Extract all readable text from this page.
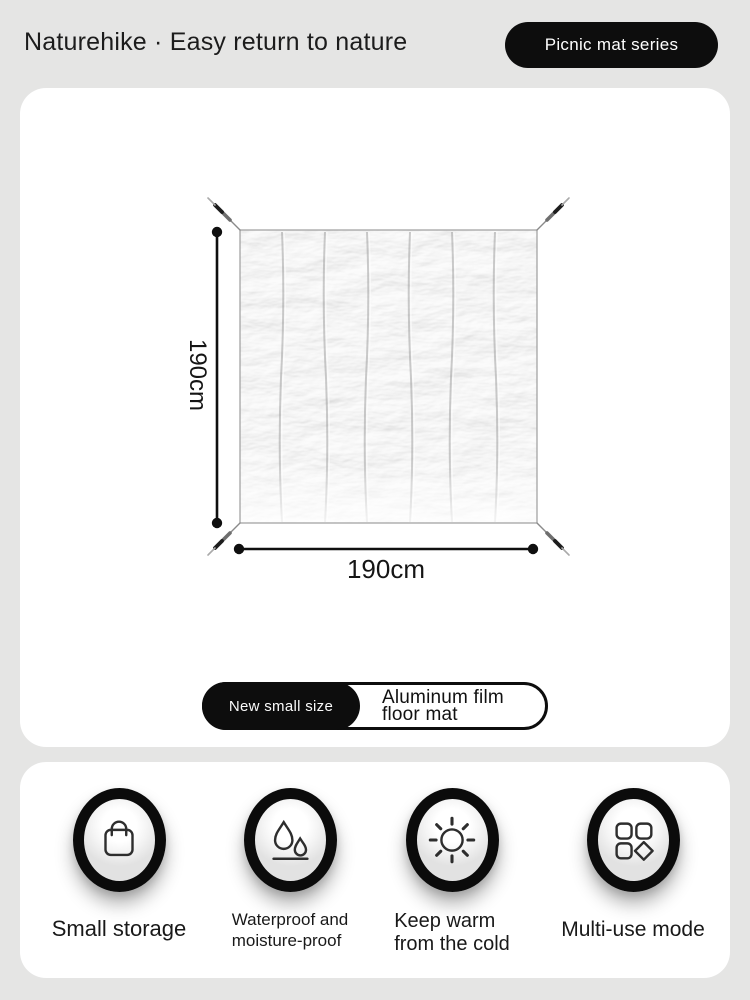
Naturehike · Easy return to nature	Picnic mat series
190cm
190cm
New small size	Aluminum film
floor mat
Small storage	Waterproof and
moisture-proof
Keep warm
from the cold
Multi-use mode
